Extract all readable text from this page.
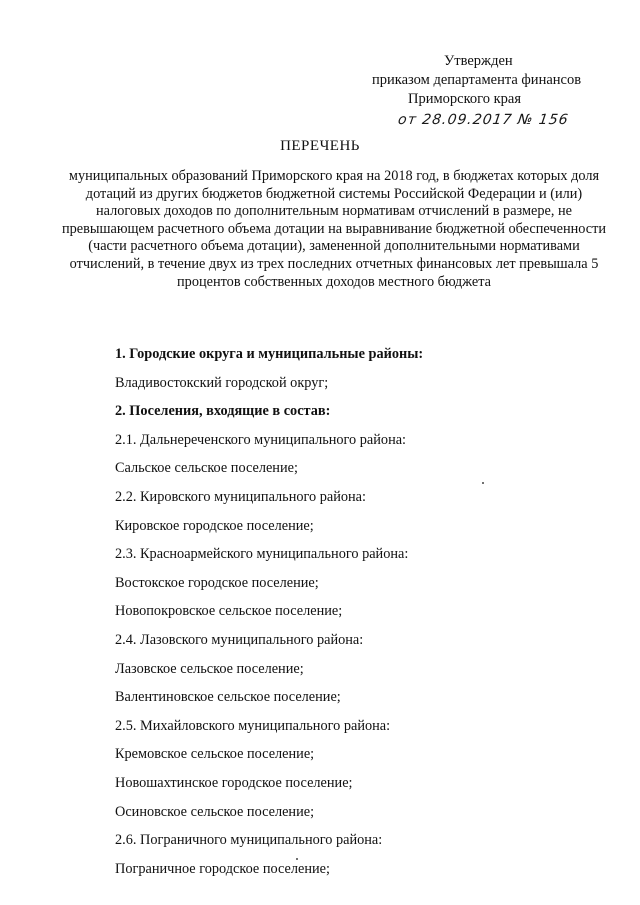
Утвержден
приказом департамента финансов
Приморского края
от 28.09.2017 № 156
ПЕРЕЧЕНЬ
муниципальных образований Приморского края на 2018 год, в бюджетах которых доля дотаций из других бюджетов бюджетной системы Российской Федерации и (или) налоговых доходов по дополнительным нормативам отчислений в размере, не превышающем расчетного объема дотации на выравнивание бюджетной обеспеченности (части расчетного объема дотации), замененной дополнительными нормативами отчислений, в течение двух из трех последних отчетных финансовых лет превышала 5 процентов собственных доходов местного бюджета
1. Городские округа и муниципальные районы:
Владивостокский городской округ;
2. Поселения, входящие в состав:
2.1. Дальнереченского муниципального района:
Сальское сельское поселение;
2.2. Кировского муниципального района:
Кировское городское поселение;
2.3. Красноармейского муниципального района:
Востокское городское поселение;
Новопокровское сельское поселение;
2.4. Лазовского муниципального района:
Лазовское сельское поселение;
Валентиновское сельское поселение;
2.5. Михайловского муниципального района:
Кремовское сельское поселение;
Новошахтинское городское поселение;
Осиновское сельское поселение;
2.6. Пограничного муниципального района:
Пограничное городское поселение;
